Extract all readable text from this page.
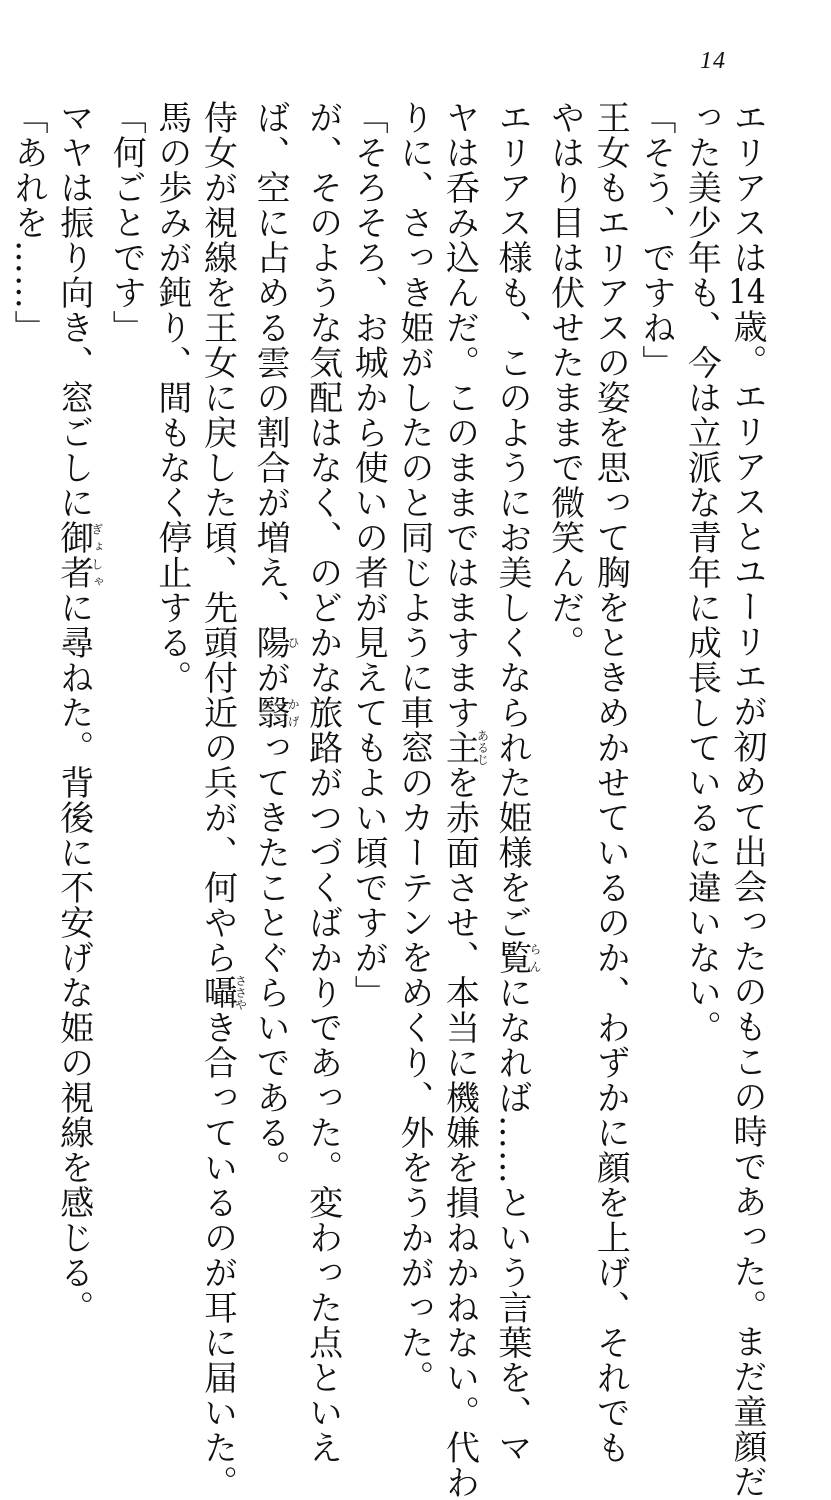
14
エリアスは14歳。エリアスとユーリエが初めて出会ったのもこの時であった。まだ童顔だ
った美少年も、今は立派な青年に成長しているに違いない。
「そう、ですね」
王女もエリアスの姿を思って胸をときめかせているのか、わずかに顔を上げ、それでも
やはり目は伏せたままで微笑んだ。
エリアス様も、このようにお美しくなられた姫様をご覧らんになれば……という言葉を、マ
ヤは呑み込んだ。このままではますます主あるじを赤面させ、本当に機嫌を損ねかねない。代わ
りに、さっき姫がしたのと同じように車窓のカーテンをめくり、外をうかがった。
「そろそろ、お城から使いの者が見えてもよい頃ですが」
が、そのような気配はなく、のどかな旅路がつづくばかりであった。変わった点といえ
ば、空に占める雲の割合が増え、陽ひが翳かげってきたことぐらいである。
侍女が視線を王女に戻した頃、先頭付近の兵が、何やら囁ささやき合っているのが耳に届いた。
馬の歩みが鈍り、間もなく停止する。
「何ごとです」
マヤは振り向き、窓ごしに御者ぎょしゃに尋ねた。背後に不安げな姫の視線を感じる。
「あれを……」
